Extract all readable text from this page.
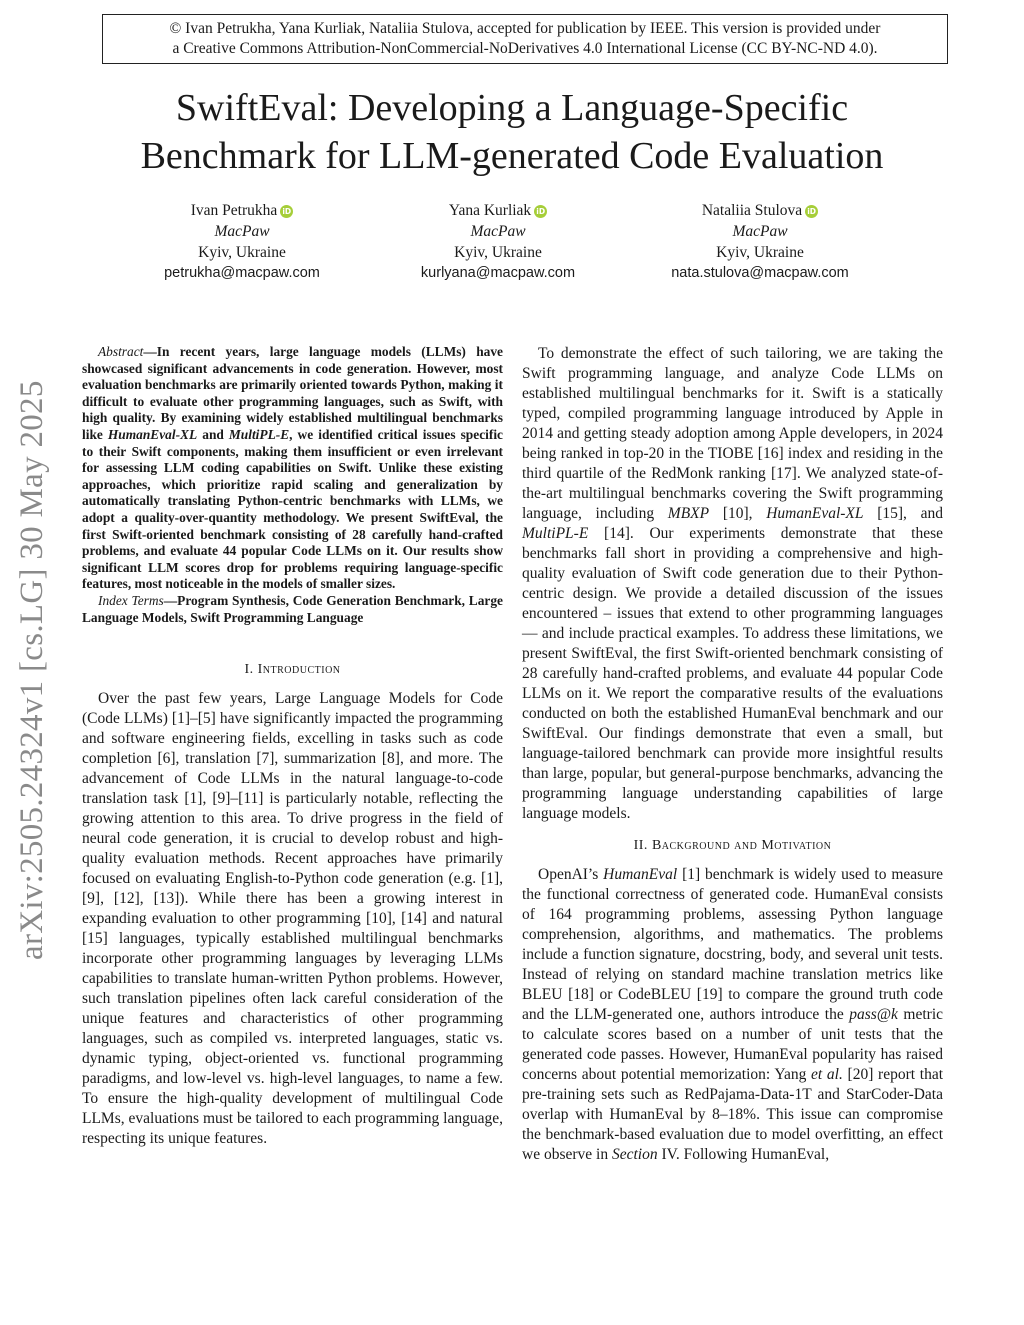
© Ivan Petrukha, Yana Kurliak, Nataliia Stulova, accepted for publication by IEEE. This version is provided under
a Creative Commons Attribution-NonCommercial-NoDerivatives 4.0 International License (CC BY-NC-ND 4.0).
SwiftEval: Developing a Language-Specific
Benchmark for LLM-generated Code Evaluation
Ivan Petrukha iD
MacPaw
Kyiv, Ukraine
petrukha@macpaw.com
Yana Kurliak iD
MacPaw
Kyiv, Ukraine
kurlyana@macpaw.com
Nataliia Stulova iD
MacPaw
Kyiv, Ukraine
nata.stulova@macpaw.com
arXiv:2505.24324v1 [cs.LG] 30 May 2025

Abstract—In recent years, large language models (LLMs) have showcased significant advancements in code generation. However, most evaluation benchmarks are primarily oriented towards Python, making it difficult to evaluate other programming languages, such as Swift, with high quality. By examining widely established multilingual benchmarks like HumanEval-XL and MultiPL-E, we identified critical issues specific to their Swift components, making them insufficient or even irrelevant for assessing LLM coding capabilities on Swift. Unlike these existing approaches, which prioritize rapid scaling and generalization by automatically translating Python-centric benchmarks with LLMs, we adopt a quality-over-quantity methodology. We present SwiftEval, the first Swift-oriented benchmark consisting of 28 carefully hand-crafted problems, and evaluate 44 popular Code LLMs on it. Our results show significant LLM scores drop for problems requiring language-specific features, most noticeable in the models of smaller sizes.

Index Terms—Program Synthesis, Code Generation Benchmark, Large Language Models, Swift Programming Language

I. Introduction

Over the past few years, Large Language Models for Code (Code LLMs) [1]–[5] have significantly impacted the programming and software engineering fields, excelling in tasks such as code completion [6], translation [7], summarization [8], and more. The advancement of Code LLMs in the natural language-to-code translation task [1], [9]–[11] is particularly notable, reflecting the growing attention to this area. To drive progress in the field of neural code generation, it is crucial to develop robust and high-quality evaluation methods. Recent approaches have primarily focused on evaluating English-to-Python code generation (e.g. [1], [9], [12], [13]). While there has been a growing interest in expanding evaluation to other programming [10], [14] and natural [15] languages, typically established multilingual benchmarks incorporate other programming languages by leveraging LLMs capabilities to translate human-written Python problems. However, such translation pipelines often lack careful consideration of the unique features and characteristics of other programming languages, such as compiled vs. interpreted languages, static vs. dynamic typing, object-oriented vs. functional programming paradigms, and low-level vs. high-level languages, to name a few. To ensure the high-quality development of multilingual Code LLMs, evaluations must be tailored to each programming language, respecting its unique features.

To demonstrate the effect of such tailoring, we are taking the Swift programming language, and analyze Code LLMs on established multilingual benchmarks for it. Swift is a statically typed, compiled programming language introduced by Apple in 2014 and getting steady adoption among Apple developers, in 2024 being ranked in top-20 in the TIOBE [16] index and residing in the third quartile of the RedMonk ranking [17]. We analyzed state-of-the-art multilingual benchmarks covering the Swift programming language, including MBXP [10], HumanEval-XL [15], and MultiPL-E [14]. Our experiments demonstrate that these benchmarks fall short in providing a comprehensive and high-quality evaluation of Swift code generation due to their Python-centric design. We provide a detailed discussion of the issues encountered – issues that extend to other programming languages — and include practical examples. To address these limitations, we present SwiftEval, the first Swift-oriented benchmark consisting of 28 carefully hand-crafted problems, and evaluate 44 popular Code LLMs on it. We report the comparative results of the evaluations conducted on both the established HumanEval benchmark and our SwiftEval. Our findings demonstrate that even a small, but language-tailored benchmark can provide more insightful results than large, popular, but general-purpose benchmarks, advancing the programming language understanding capabilities of large language models.

II. Background and Motivation

OpenAI’s HumanEval [1] benchmark is widely used to measure the functional correctness of generated code. HumanEval consists of 164 programming problems, assessing Python language comprehension, algorithms, and mathematics. The problems include a function signature, docstring, body, and several unit tests. Instead of relying on standard machine translation metrics like BLEU [18] or CodeBLEU [19] to compare the ground truth code and the LLM-generated one, authors introduce the pass@k metric to calculate scores based on a number of unit tests that the generated code passes. However, HumanEval popularity has raised concerns about potential memorization: Yang et al. [20] report that pre-training sets such as RedPajama-Data-1T and StarCoder-Data overlap with HumanEval by 8–18%. This issue can compromise the benchmark-based evaluation due to model overfitting, an effect we observe in Section IV. Following HumanEval,
